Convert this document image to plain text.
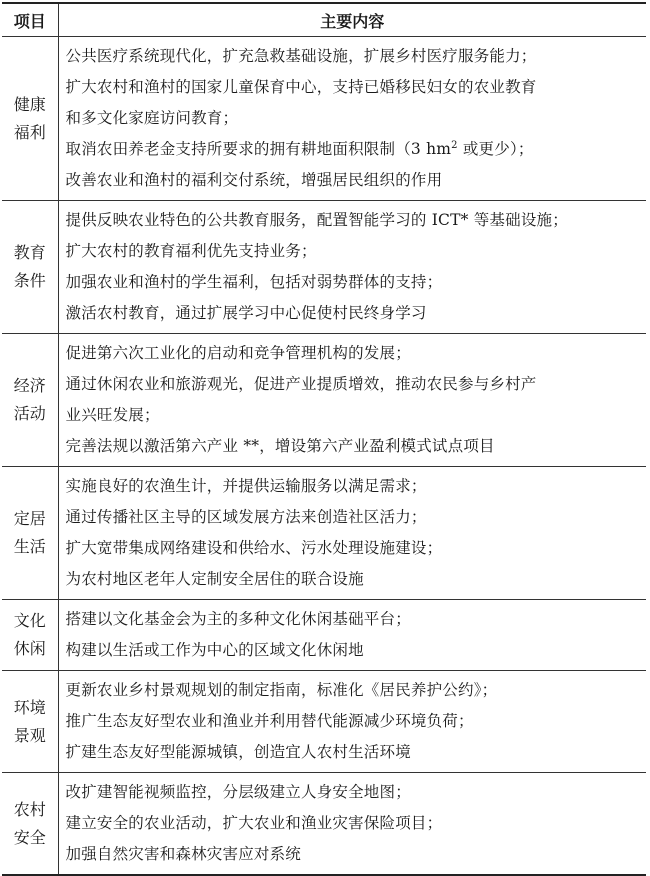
项目	主要内容

健康
福利	公共医疗系统现代化，扩充急救基础设施，扩展乡村医疗服务能力；
扩大农村和渔村的国家儿童保育中心，支持已婚移民妇女的农业教育
和多文化家庭访问教育；
取消农田养老金支持所要求的拥有耕地面积限制（3 $hm^2$ 或更少）；
改善农业和渔村的福利交付系统，增强居民组织的作用

教育
条件	提供反映农业特色的公共教育服务，配置智能学习的 ICT* 等基础设施；
扩大农村的教育福利优先支持业务；
加强农业和渔村的学生福利，包括对弱势群体的支持；
激活农村教育，通过扩展学习中心促使村民终身学习

经济
活动	促进第六次工业化的启动和竞争管理机构的发展；
通过休闲农业和旅游观光，促进产业提质增效，推动农民参与乡村产
业兴旺发展；
完善法规以激活第六产业 **，增设第六产业盈利模式试点项目

定居
生活	实施良好的农渔生计，并提供运输服务以满足需求；
通过传播社区主导的区域发展方法来创造社区活力；
扩大宽带集成网络建设和供给水、污水处理设施建设；
为农村地区老年人定制安全居住的联合设施

文化
休闲	搭建以文化基金会为主的多种文化休闲基础平台；
构建以生活或工作为中心的区域文化休闲地

环境
景观	更新农业乡村景观规划的制定指南，标准化《居民养护公约》；
推广生态友好型农业和渔业并利用替代能源减少环境负荷；
扩建生态友好型能源城镇，创造宜人农村生活环境

农村
安全	改扩建智能视频监控，分层级建立人身安全地图；
建立安全的农业活动，扩大农业和渔业灾害保险项目；
加强自然灾害和森林灾害应对系统
